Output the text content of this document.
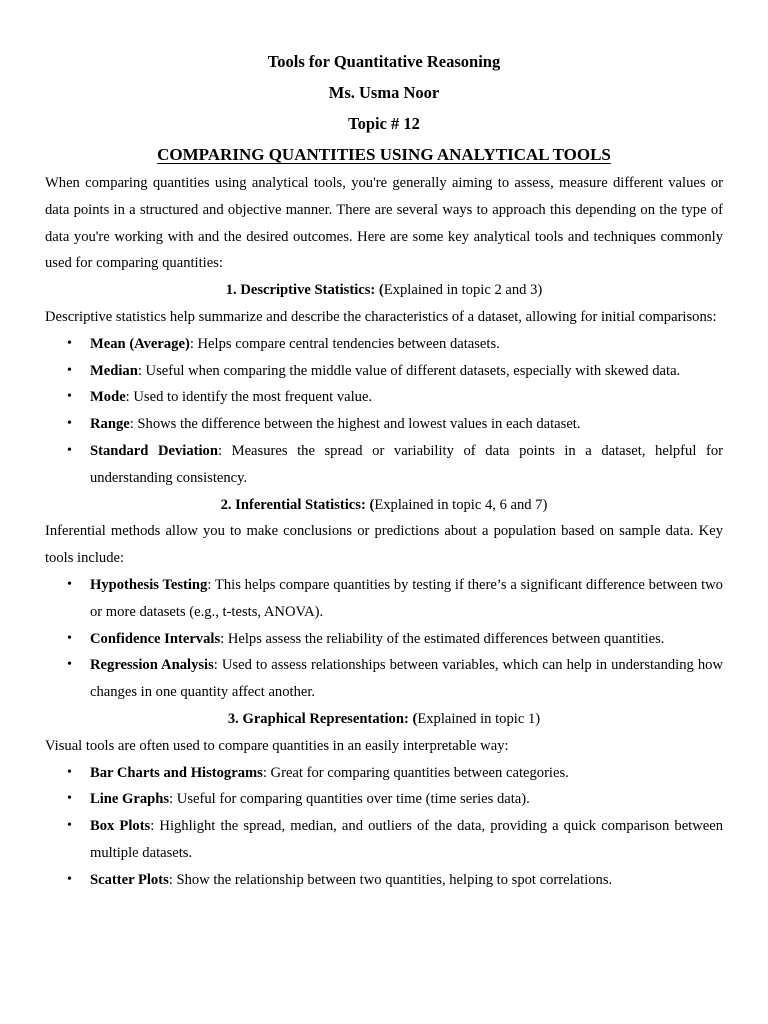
Tools for Quantitative Reasoning

Ms. Usma Noor

Topic # 12

COMPARING QUANTITIES USING ANALYTICAL TOOLS

When comparing quantities using analytical tools, you're generally aiming to assess, measure different values or data points in a structured and objective manner. There are several ways to approach this depending on the type of data you're working with and the desired outcomes. Here are some key analytical tools and techniques commonly used for comparing quantities:

1. Descriptive Statistics: (Explained in topic 2 and 3)

Descriptive statistics help summarize and describe the characteristics of a dataset, allowing for initial comparisons:

• Mean (Average): Helps compare central tendencies between datasets.
• Median: Useful when comparing the middle value of different datasets, especially with skewed data.
• Mode: Used to identify the most frequent value.
• Range: Shows the difference between the highest and lowest values in each dataset.
• Standard Deviation: Measures the spread or variability of data points in a dataset, helpful for understanding consistency.

2. Inferential Statistics: (Explained in topic 4, 6 and 7)

Inferential methods allow you to make conclusions or predictions about a population based on sample data. Key tools include:

• Hypothesis Testing: This helps compare quantities by testing if there’s a significant difference between two or more datasets (e.g., t-tests, ANOVA).
• Confidence Intervals: Helps assess the reliability of the estimated differences between quantities.
• Regression Analysis: Used to assess relationships between variables, which can help in understanding how changes in one quantity affect another.

3. Graphical Representation: (Explained in topic 1)

Visual tools are often used to compare quantities in an easily interpretable way:

• Bar Charts and Histograms: Great for comparing quantities between categories.
• Line Graphs: Useful for comparing quantities over time (time series data).
• Box Plots: Highlight the spread, median, and outliers of the data, providing a quick comparison between multiple datasets.
• Scatter Plots: Show the relationship between two quantities, helping to spot correlations.
